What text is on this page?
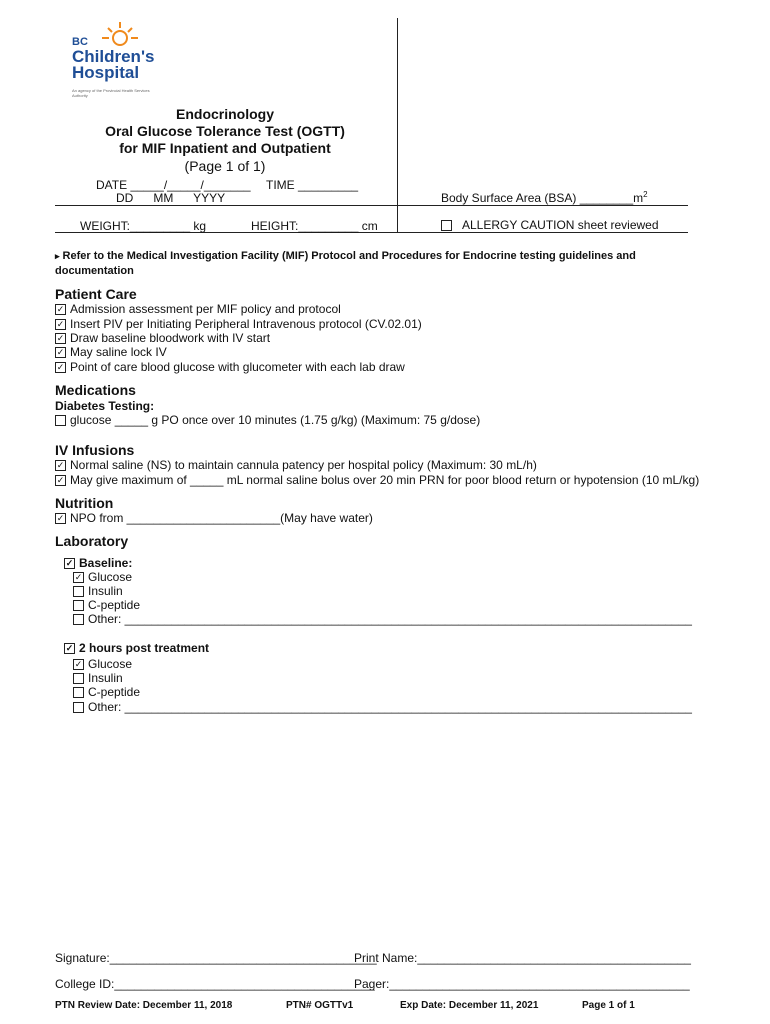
BC
Children's
Hospital
An agency of the Provincial Health Services Authority
Endocrinology
Oral Glucose Tolerance Test (OGTT)
for MIF Inpatient and Outpatient
(Page 1 of 1)
DATE _____/_____/_______
DD      MM      YYYY
TIME _________
Body Surface Area (BSA) $\_\_\_\_\_\_\_\_m^2$
WEIGHT:_________ kg	HEIGHT:_________ cm	ALLERGY CAUTION sheet reviewed
▸ Refer to the Medical Investigation Facility (MIF) Protocol and Procedures for Endocrine testing guidelines and documentation
Patient Care
✓
Admission assessment per MIF policy and protocol
✓
Insert PIV per Initiating Peripheral Intravenous protocol (CV.02.01)
✓
Draw baseline bloodwork with IV start
✓
May saline lock IV
✓
Point of care blood glucose with glucometer with each lab draw
Medications
Diabetes Testing:
glucose _____ g PO once over 10 minutes (1.75 g/kg) (Maximum: 75 g/dose)
IV Infusions
✓
Normal saline (NS) to maintain cannula patency per hospital policy (Maximum: 30 mL/h)
✓
May give maximum of _____ mL normal saline bolus over 20 min PRN for poor blood return or hypotension (10 mL/kg)
Nutrition
✓
NPO from _______________________(May have water)
Laboratory
✓
Baseline:
✓
Glucose
Insulin
C-peptide
Other: _____________________________________________________________________________________
✓
2 hours post treatment
✓
Glucose
Insulin
C-peptide
Other: _____________________________________________________________________________________
Signature:________________________________________
Print Name:_________________________________________
College ID:_______________________________________
Pager:_____________________________________________
PTN Review Date: December 11, 2018	PTN# OGTTv1	Exp Date: December 11, 2021	Page 1 of 1
